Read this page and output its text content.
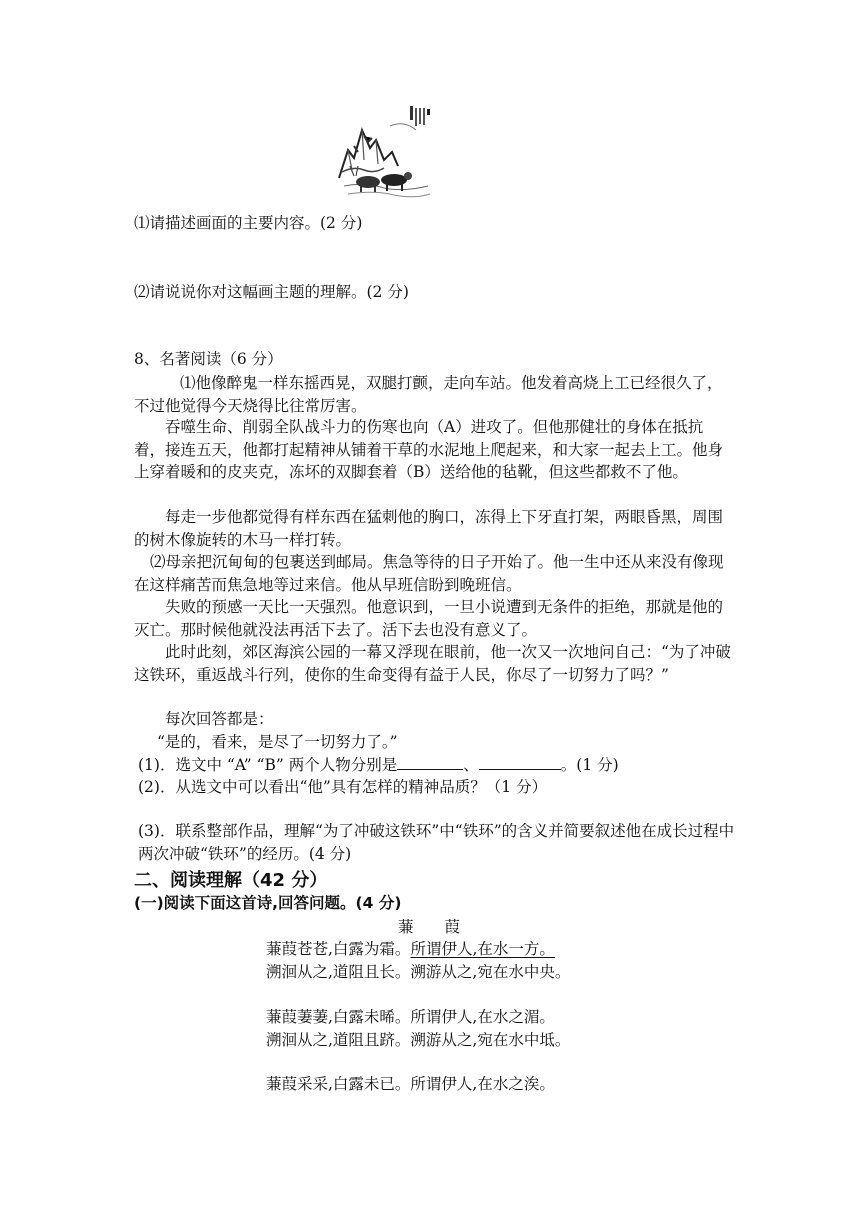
⑴请描述画面的主要内容。(2 分)
⑵请说说你对这幅画主题的理解。(2 分)
8、名著阅读（6 分）
⑴他像醉鬼一样东摇西晃，双腿打颤，走向车站。他发着高烧上工已经很久了，不过他觉得今天烧得比往常厉害。
吞噬生命、削弱全队战斗力的伤寒也向（A）进攻了。但他那健壮的身体在抵抗着，接连五天，他都打起精神从铺着干草的水泥地上爬起来，和大家一起去上工。他身上穿着暖和的皮夹克，冻坏的双脚套着（B）送给他的毡靴，但这些都救不了他。
每走一步他都觉得有样东西在猛刺他的胸口，冻得上下牙直打架，两眼昏黑，周围的树木像旋转的木马一样打转。
⑵母亲把沉甸甸的包裹送到邮局。焦急等待的日子开始了。他一生中还从来没有像现在这样痛苦而焦急地等过来信。他从早班信盼到晚班信。
失败的预感一天比一天强烈。他意识到，一旦小说遭到无条件的拒绝，那就是他的灭亡。那时候他就没法再活下去了。活下去也没有意义了。
此时此刻，郊区海滨公园的一幕又浮现在眼前，他一次又一次地问自己：“为了冲破这铁环，重返战斗行列，使你的生命变得有益于人民，你尽了一切努力了吗？”
每次回答都是：
“是的，看来，是尽了一切努力了。”
(1)．选文中 “A” “B” 两个人物分别是	、	。(1 分)
(2)．从选文中可以看出“他”具有怎样的精神品质？（1 分）
(3)．联系整部作品，理解“为了冲破这铁环”中“铁环”的含义并简要叙述他在成长过程中两次冲破“铁环”的经历。(4 分)
二、阅读理解（42 分）
(一)阅读下面这首诗,回答问题。(4 分)
蒹　　葭
蒹葭苍苍,白露为霜。所谓伊人,在水一方。
溯洄从之,道阻且长。溯游从之,宛在水中央。
蒹葭萋萋,白露未晞。所谓伊人,在水之湄。
溯洄从之,道阻且跻。溯游从之,宛在水中坻。
蒹葭采采,白露未已。所谓伊人,在水之涘。
